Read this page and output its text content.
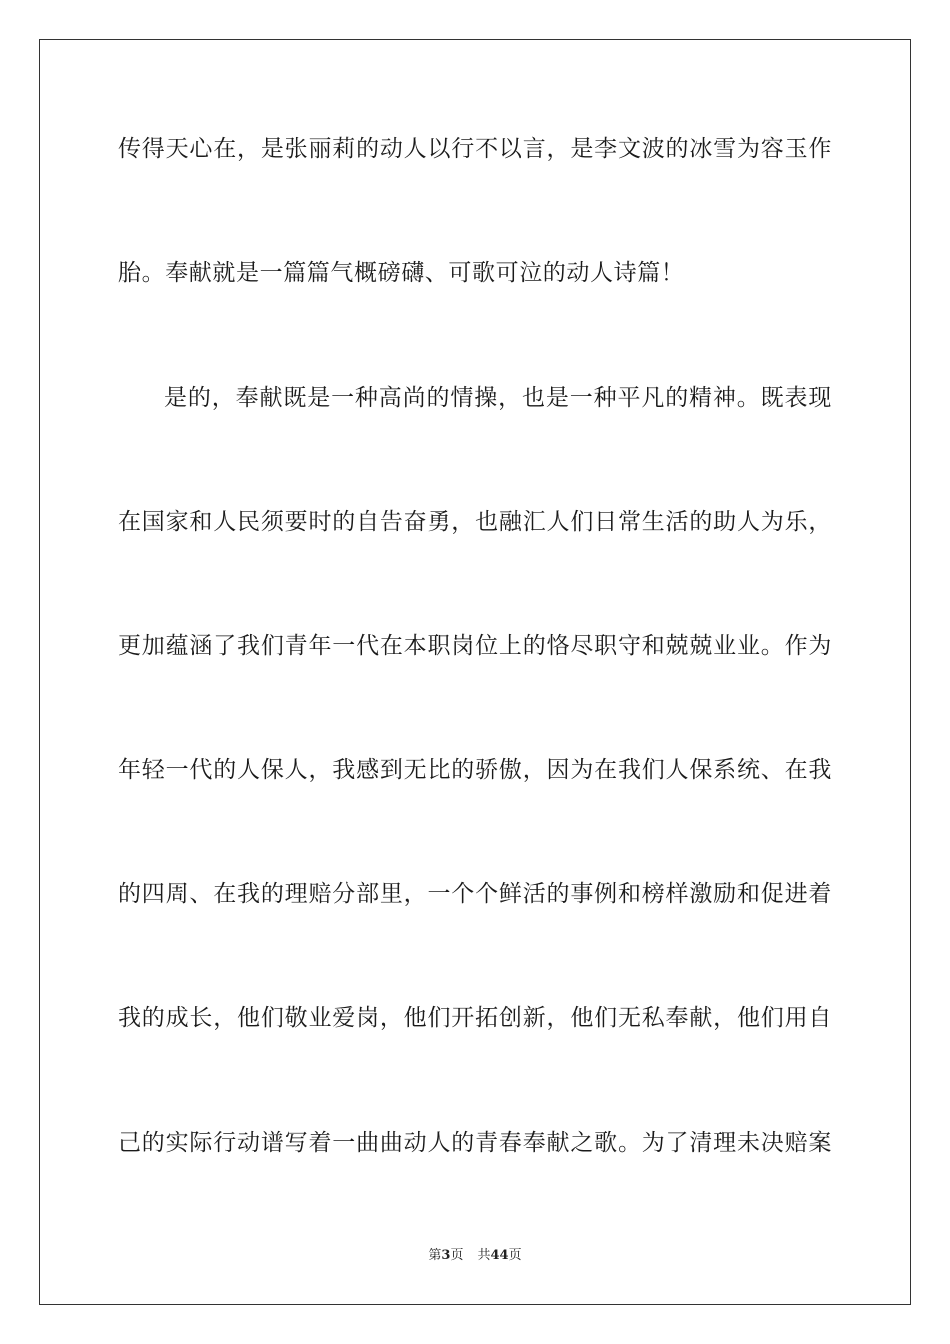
传得天心在，是张丽莉的动人以行不以言，是李文波的冰雪为容玉作
胎。奉献就是一篇篇气概磅礴、可歌可泣的动人诗篇！
是的，奉献既是一种高尚的情操，也是一种平凡的精神。既表现
在国家和人民须要时的自告奋勇，也融汇人们日常生活的助人为乐，
更加蕴涵了我们青年一代在本职岗位上的恪尽职守和兢兢业业。作为
年轻一代的人保人，我感到无比的骄傲，因为在我们人保系统、在我
的四周、在我的理赔分部里，一个个鲜活的事例和榜样激励和促进着
我的成长，他们敬业爱岗，他们开拓创新，他们无私奉献，他们用自
己的实际行动谱写着一曲曲动人的青春奉献之歌。为了清理未决赔案
第3页 共44页
